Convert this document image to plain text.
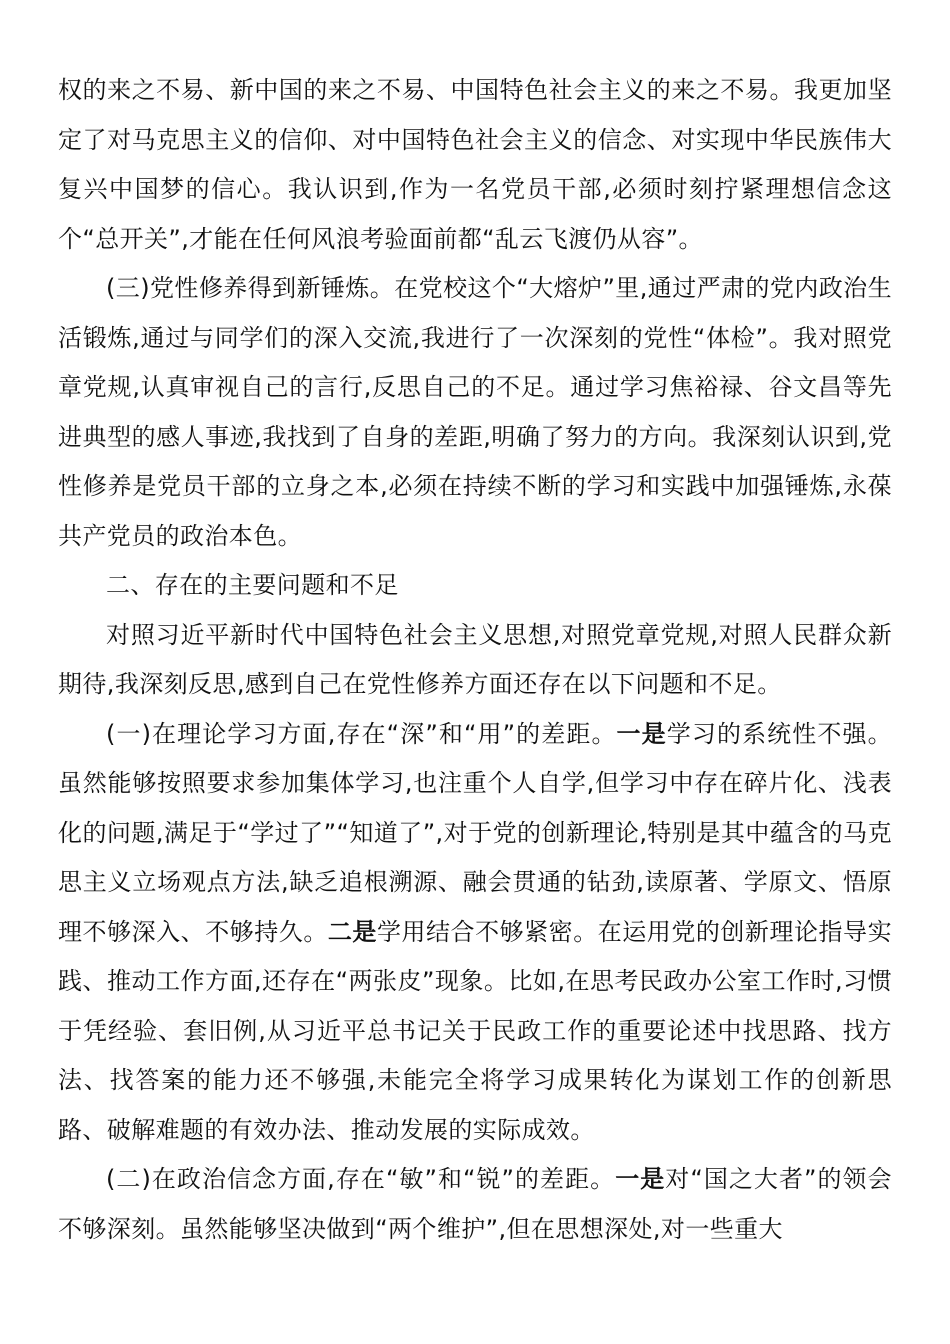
权的来之不易、新中国的来之不易、中国特色社会主义的来之不易。我更加坚定了对马克思主义的信仰、对中国特色社会主义的信念、对实现中华民族伟大复兴中国梦的信心。我认识到,作为一名党员干部,必须时刻拧紧理想信念这个“总开关”,才能在任何风浪考验面前都“乱云飞渡仍从容”。

(三)党性修养得到新锤炼。在党校这个“大熔炉”里,通过严肃的党内政治生活锻炼,通过与同学们的深入交流,我进行了一次深刻的党性“体检”。我对照党章党规,认真审视自己的言行,反思自己的不足。通过学习焦裕禄、谷文昌等先进典型的感人事迹,我找到了自身的差距,明确了努力的方向。我深刻认识到,党性修养是党员干部的立身之本,必须在持续不断的学习和实践中加强锤炼,永葆共产党员的政治本色。

二、存在的主要问题和不足

对照习近平新时代中国特色社会主义思想,对照党章党规,对照人民群众新期待,我深刻反思,感到自己在党性修养方面还存在以下问题和不足。

(一)在理论学习方面,存在“深”和“用”的差距。一是学习的系统性不强。虽然能够按照要求参加集体学习,也注重个人自学,但学习中存在碎片化、浅表化的问题,满足于“学过了”“知道了”,对于党的创新理论,特别是其中蕴含的马克思主义立场观点方法,缺乏追根溯源、融会贯通的钻劲,读原著、学原文、悟原理不够深入、不够持久。二是学用结合不够紧密。在运用党的创新理论指导实践、推动工作方面,还存在“两张皮”现象。比如,在思考民政办公室工作时,习惯于凭经验、套旧例,从习近平总书记关于民政工作的重要论述中找思路、找方法、找答案的能力还不够强,未能完全将学习成果转化为谋划工作的创新思路、破解难题的有效办法、推动发展的实际成效。

(二)在政治信念方面,存在“敏”和“锐”的差距。一是对“国之大者”的领会不够深刻。虽然能够坚决做到“两个维护”,但在思想深处,对一些重大
